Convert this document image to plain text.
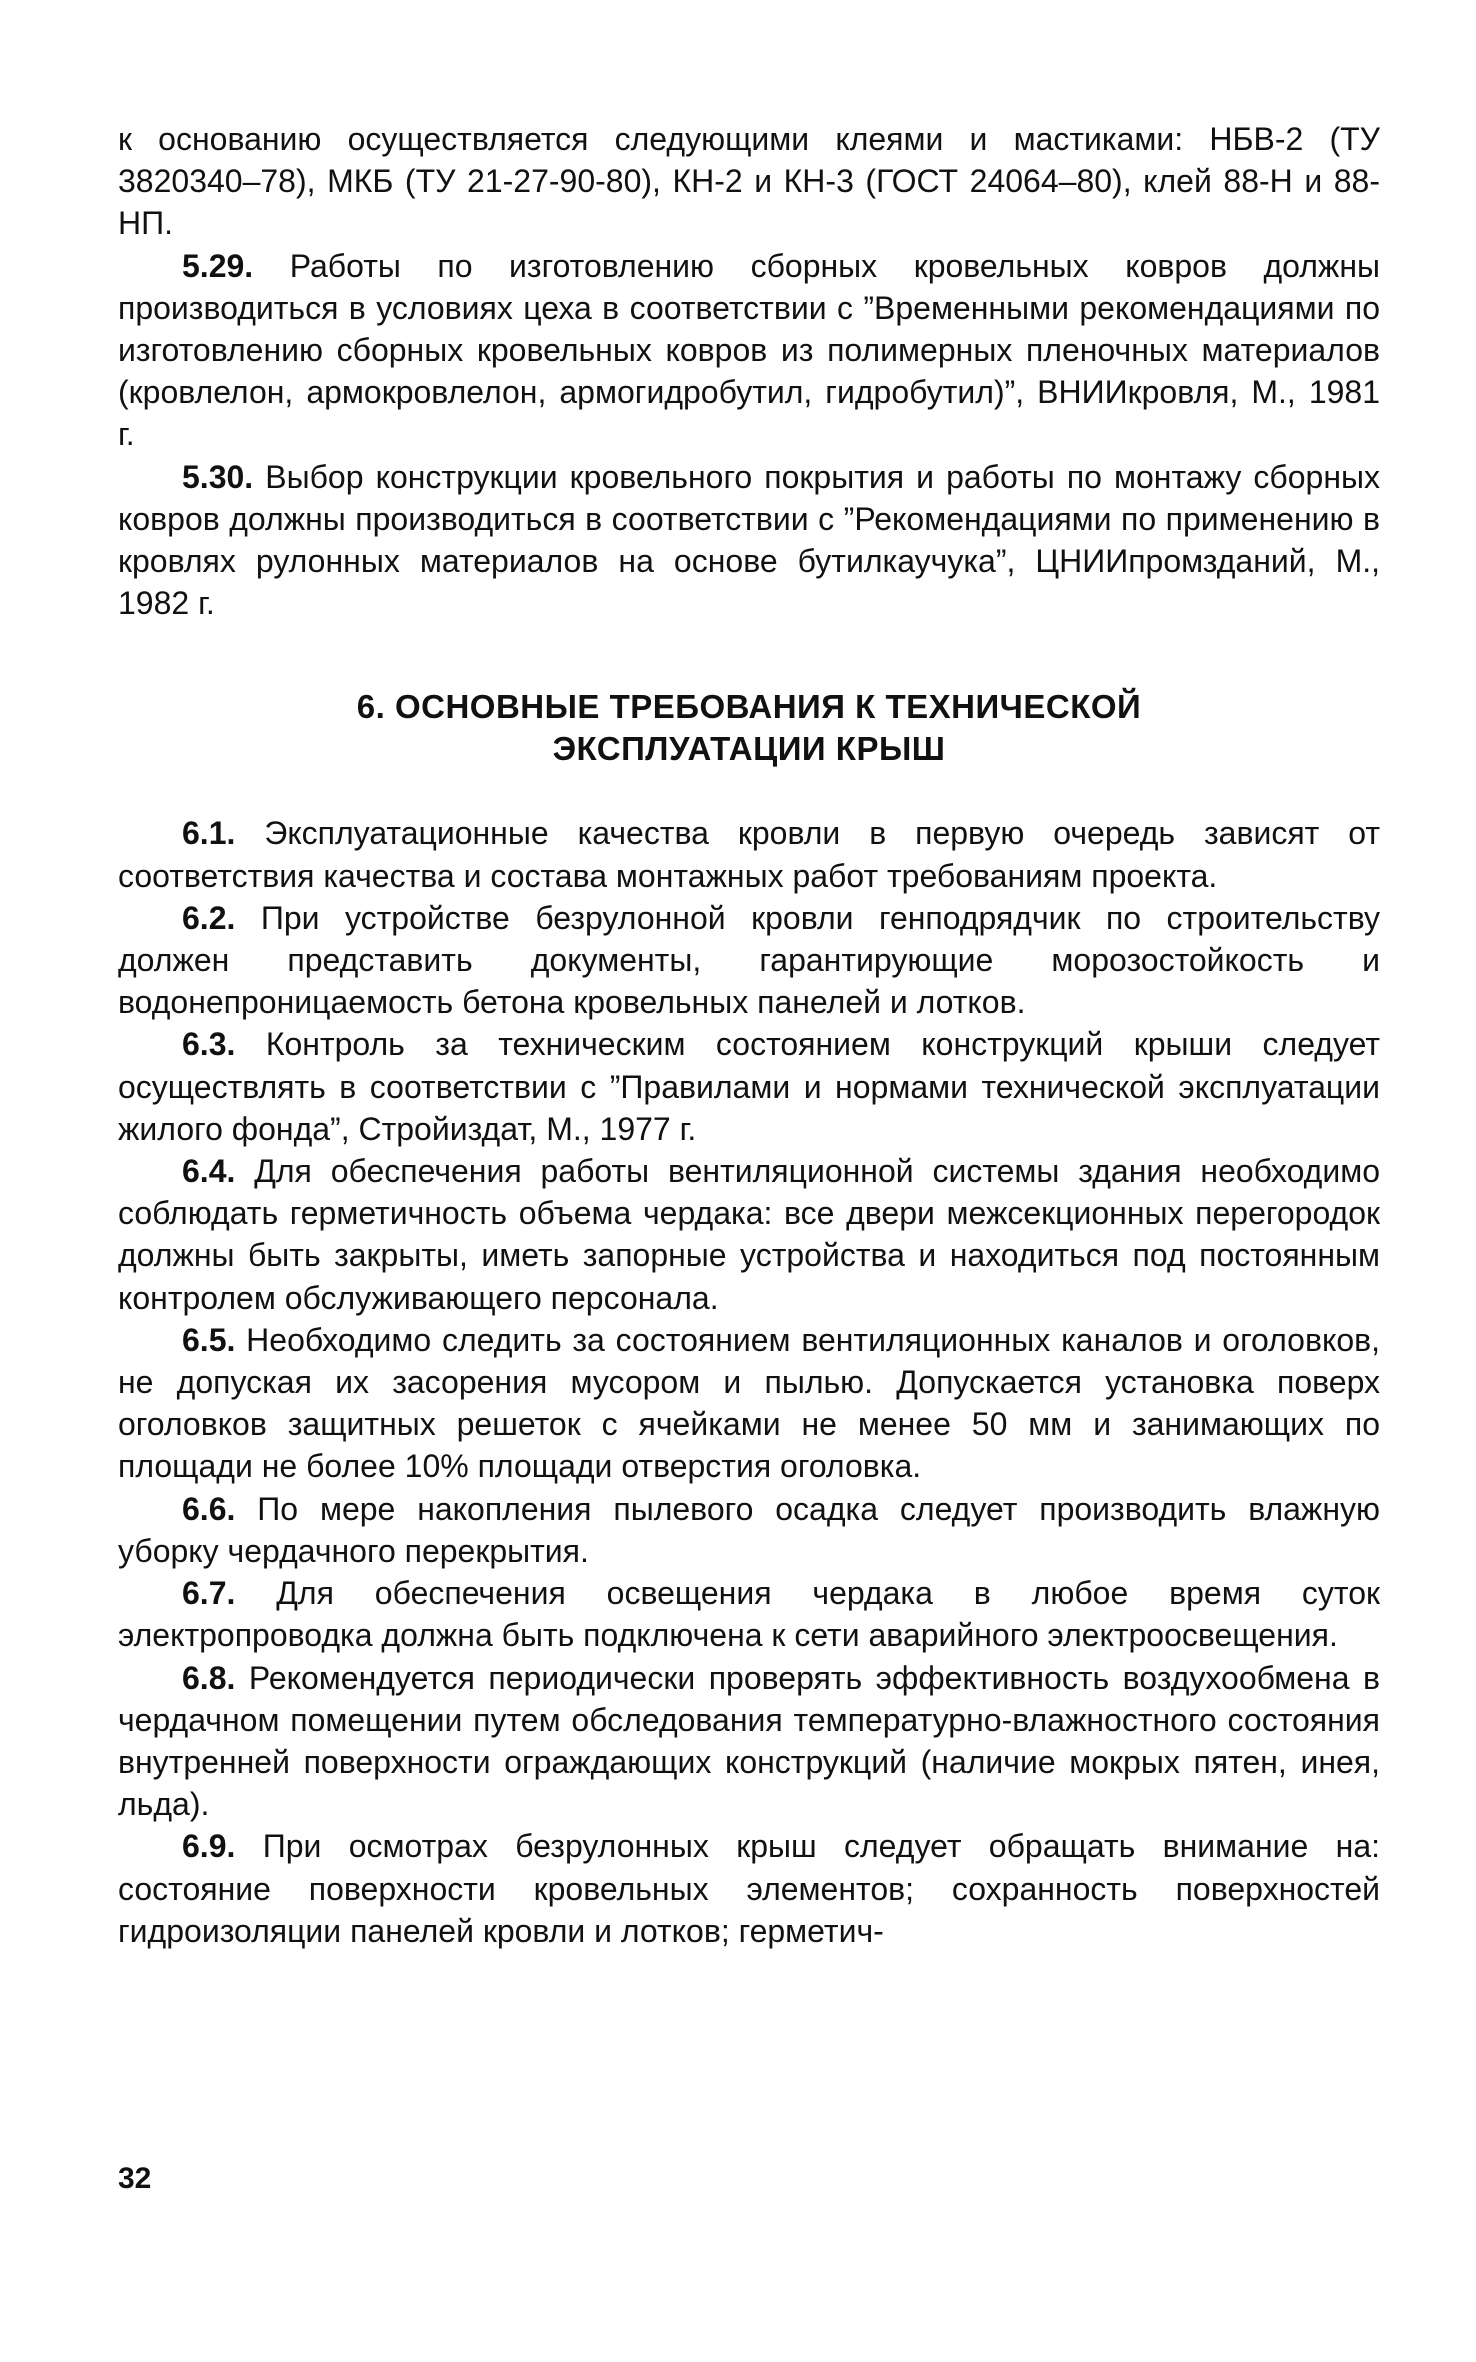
к основанию осуществляется следующими клеями и мастиками: НБВ-2 (ТУ 3820340–78), МКБ (ТУ 21-27-90-80), КН-2 и КН-3 (ГОСТ 24064–80), клей 88-Н и 88-НП.

5.29. Работы по изготовлению сборных кровельных ковров должны производиться в условиях цеха в соответствии с ”Временными рекомендациями по изготовлению сборных кровельных ковров из полимерных пленочных материалов (кровлелон, армокровлелон, армогидробутил, гидробутил)”, ВНИИкровля, М., 1981 г.

5.30. Выбор конструкции кровельного покрытия и работы по монтажу сборных ковров должны производиться в соответствии с ”Рекомендациями по применению в кровлях рулонных материалов на основе бутилкаучука”, ЦНИИпромзданий, М., 1982 г.

6. ОСНОВНЫЕ ТРЕБОВАНИЯ К ТЕХНИЧЕСКОЙ
ЭКСПЛУАТАЦИИ КРЫШ

6.1. Эксплуатационные качества кровли в первую очередь зависят от соответствия качества и состава монтажных работ требованиям проекта.

6.2. При устройстве безрулонной кровли генподрядчик по строительству должен представить документы, гарантирующие морозостойкость и водонепроницаемость бетона кровельных панелей и лотков.

6.3. Контроль за техническим состоянием конструкций крыши следует осуществлять в соответствии с ”Правилами и нормами технической эксплуатации жилого фонда”, Стройиздат, М., 1977 г.

6.4. Для обеспечения работы вентиляционной системы здания необходимо соблюдать герметичность объема чердака: все двери межсекционных перегородок должны быть закрыты, иметь запорные устройства и находиться под постоянным контролем обслуживающего персонала.

6.5. Необходимо следить за состоянием вентиляционных каналов и оголовков, не допуская их засорения мусором и пылью. Допускается установка поверх оголовков защитных решеток с ячейками не менее 50 мм и занимающих по площади не более 10% площади отверстия оголовка.

6.6. По мере накопления пылевого осадка следует производить влажную уборку чердачного перекрытия.

6.7. Для обеспечения освещения чердака в любое время суток электропроводка должна быть подключена к сети аварийного электроосвещения.

6.8. Рекомендуется периодически проверять эффективность воздухообмена в чердачном помещении путем обследования температурно-влажностного состояния внутренней поверхности ограждающих конструкций (наличие мокрых пятен, инея, льда).

6.9. При осмотрах безрулонных крыш следует обращать внимание на: состояние поверхности кровельных элементов; сохранность поверхностей гидроизоляции панелей кровли и лотков; герметич-

32
